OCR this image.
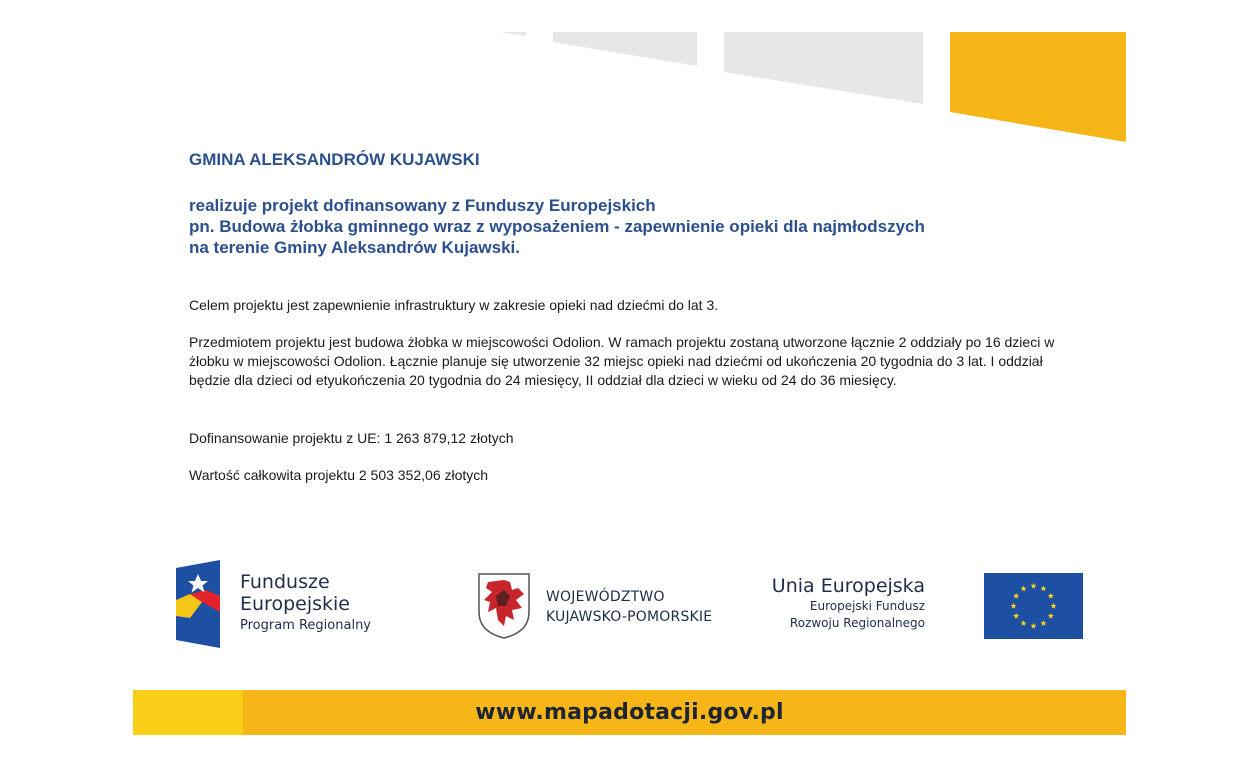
GMINA ALEKSANDRÓW KUJAWSKI
realizuje projekt dofinansowany z Funduszy Europejskich
pn. Budowa żłobka gminnego wraz z wyposażeniem - zapewnienie opieki dla najmłodszych
na terenie Gminy Aleksandrów Kujawski.

Celem projektu jest zapewnienie infrastruktury w zakresie opieki nad dziećmi do lat 3.

Przedmiotem projektu jest budowa żłobka w miejscowości Odolion. W ramach projektu zostaną utworzone łącznie 2 oddziały po 16 dzieci w żłobku w miejscowości Odolion. Łącznie planuje się utworzenie 32 miejsc opieki nad dziećmi od ukończenia 20 tygodnia do 3 lat. I oddział będzie dla dzieci od etyukończenia 20 tygodnia do 24 miesięcy, II oddział dla dzieci w wieku od 24 do 36 miesięcy.

Dofinansowanie projektu z UE: 1 263 879,12 złotych

Wartość całkowita projektu 2 503 352,06 złotych

Fundusze
Europejskie
Program Regionalny
WOJEWÓDZTWO
KUJAWSKO-POMORSKIE
Unia Europejska
Europejski Fundusz
Rozwoju Regionalnego
www.mapadotacji.gov.pl
